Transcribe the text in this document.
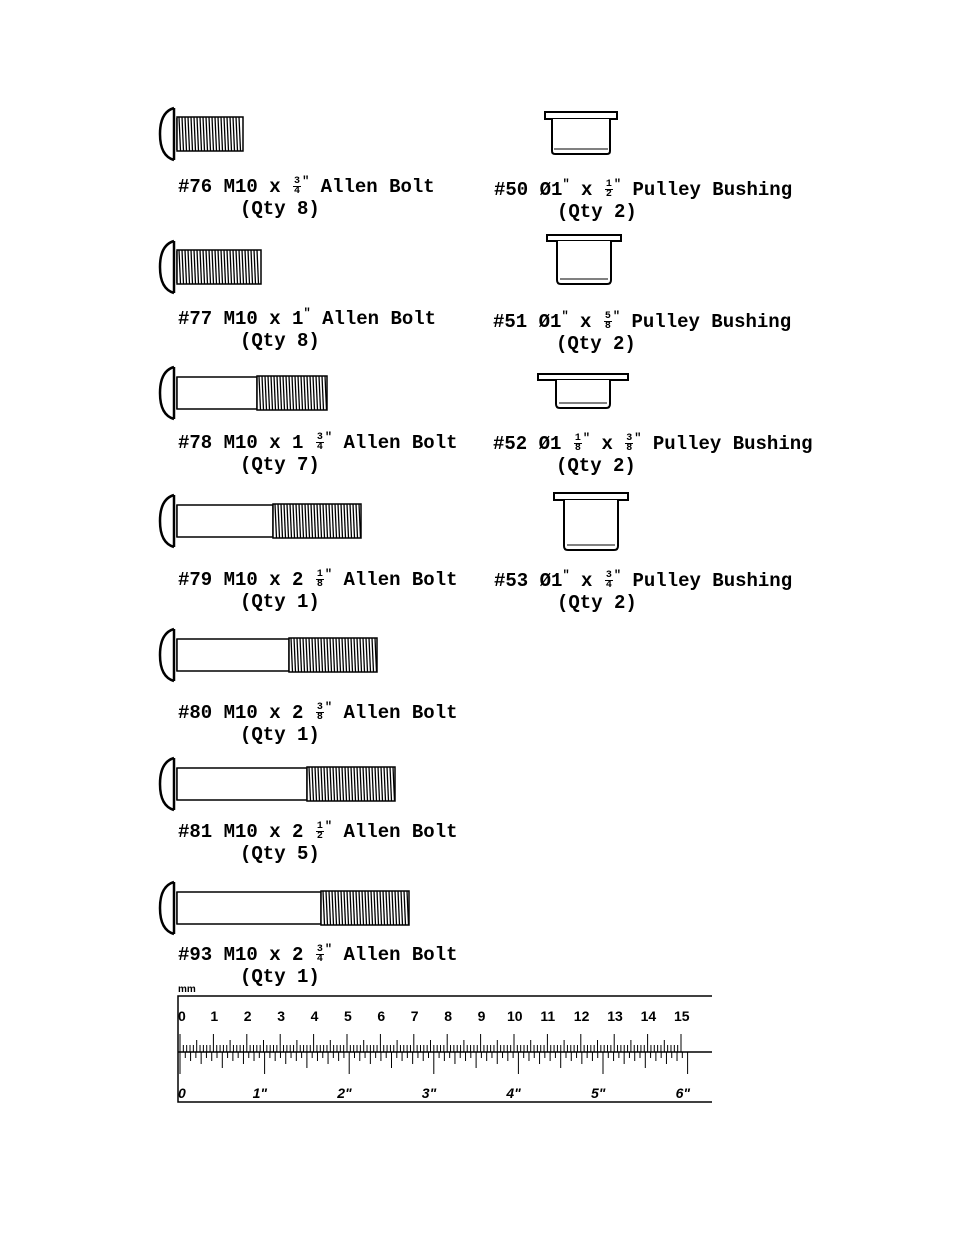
#76 M10 x $\frac{3}{4} ^"$ Allen Bolt
(Qty 8)
#77 M10 x 1" Allen Bolt
(Qty 8)
#78 M10 x $1 \frac{3}{4} ^"$ Allen Bolt
(Qty 7)
#79 M10 x $2 \frac{1}{8} ^"$ Allen Bolt
(Qty 1)
#80 M10 x $2 \frac{3}{8} ^"$ Allen Bolt
(Qty 1)
#81 M10 x $2 \frac{1}{2} ^"$ Allen Bolt
(Qty 5)
#93 M10 x $2 \frac{3}{4} ^"$ Allen Bolt
(Qty 1)
#50 Ø1" x $\frac{1}{2} ^"$ Pulley Bushing
(Qty 2)
#51 Ø1" x $\frac{5}{8} ^"$ Pulley Bushing
(Qty 2)
#52 Ø1 $\frac{1}{8} ^"$ x $\frac{3}{8} ^"$ Pulley Bushing
(Qty 2)
#53 Ø1" x $\frac{3}{4} ^"$ Pulley Bushing
(Qty 2)
mm
0 1 2 3 4 5 6 7 8 9 10 11 12 13 14 15
0	1"	2"	3"	4"	5"	6"
